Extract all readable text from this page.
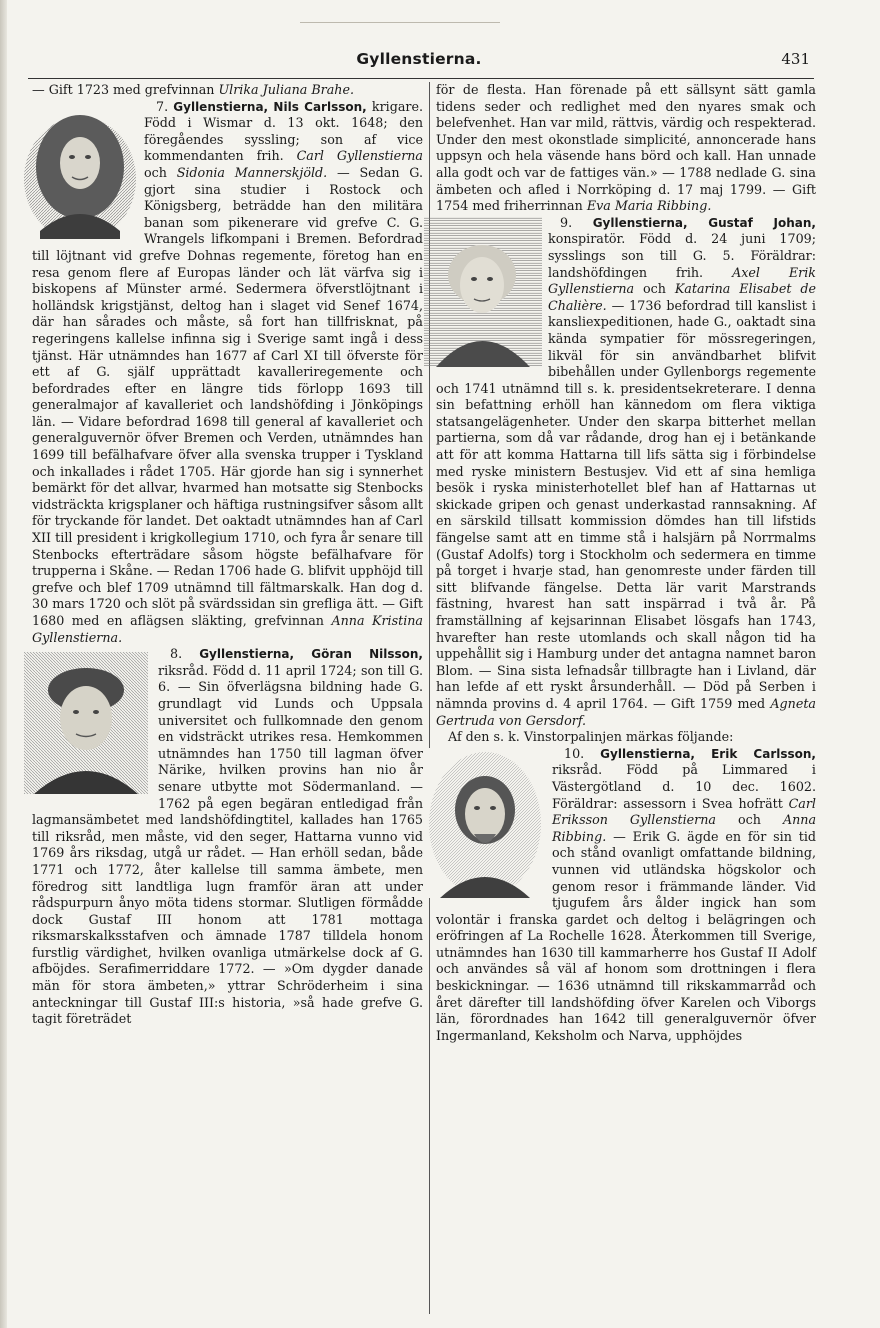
Gyllenstierna.	431

— Gift 1723 med grefvinnan Ulrika Juliana Brahe.

7. Gyllenstierna, Nils Carlsson,
krigare. Född i Wismar d. 13 okt. 1648; den föregåendes syssling; son af vice kommendanten frih. Carl Gyllenstierna och Sidonia Mannerskjöld. — Sedan G. gjort sina studier i Rostock och Königsberg, beträdde han den militära banan som pikenerare vid grefve C. G. Wrangels lifkompani i Bremen. Befordrad till löjtnant vid grefve Dohnas regemente, företog han en resa genom flere af Europas länder och lät värfva sig i biskopens af Münster armé. Sedermera öfverstlöjtnant i holländsk krigstjänst, deltog han i slaget vid Senef 1674, där han sårades och måste, så fort han tillfrisknat, på regeringens kallelse infinna sig i Sverige samt ingå i dess tjänst. Här utnämndes han 1677 af Carl XI till öfverste för ett af G. själf upprättadt kavalleriregemente och befordrades efter en längre tids förlopp 1693 till generalmajor af kavalleriet och landshöfding i Jönköpings län. — Vidare befordrad 1698 till general af kavalleriet och generalguvernör öfver Bremen och Verden, utnämndes han 1699 till befälhafvare öfver alla svenska trupper i Tyskland och inkallades i rådet 1705. Här gjorde han sig i synnerhet bemärkt för det allvar, hvarmed han motsatte sig Stenbocks vidsträckta krigsplaner och häftiga rustningsifver såsom allt för tryckande för landet. Det oaktadt utnämndes han af Carl XII till president i krigkollegium 1710, och fyra år senare till Stenbocks efterträdare såsom högste befälhafvare för trupperna i Skåne. — Redan 1706 hade G. blifvit upphöjd till grefve och blef 1709 utnämnd till fältmarskalk. Han dog d. 30 mars 1720 och slöt på svärdssidan sin grefliga ätt. — Gift 1680 med en aflägsen släkting, grefvinnan Anna Kristina Gyllenstierna.

8. Gyllenstierna, Göran Nilsson,
riksråd. Född d. 11 april 1724; son till G. 6. — Sin öfverlägsna bildning hade G. grundlagt vid Lunds och Uppsala universitet och fullkomnade den genom en vidsträckt utrikes resa. Hemkommen utnämndes han 1750 till lagman öfver Närike, hvilken provins han nio år senare utbytte mot Södermanland. — 1762 på egen begäran entledigad från lagmansämbetet med landshöfdingtitel, kallades han 1765 till riksråd, men måste, vid den seger, Hattarna vunno vid 1769 års riksdag, utgå ur rådet. — Han erhöll sedan, både 1771 och 1772, åter kallelse till samma ämbete, men föredrog sitt landtliga lugn framför äran att under rådspurpurn ånyo möta tidens stormar. Slutligen förmådde dock Gustaf III honom att 1781 mottaga riksmarskalksstafven och ämnade 1787 tilldela honom furstlig värdighet, hvilken ovanliga utmärkelse dock af G. afböjdes. Serafimerriddare 1772. — »Om dygder danade män för stora ämbeten,» yttrar Schröderheim i sina anteckningar till Gustaf III:s historia, »så hade grefve G. tagit företrädet

för de flesta. Han förenade på ett sällsynt sätt gamla tidens seder och redlighet med den nyares smak och belefvenhet. Han var mild, rättvis, värdig och respekterad. Under den mest okonstlade simplicité, annoncerade hans uppsyn och hela väsende hans börd och kall. Han unnade alla godt och var de fattiges vän.» — 1788 nedlade G. sina ämbeten och afled i Norrköping d. 17 maj 1799. — Gift 1754 med friherrinnan Eva Maria Ribbing.

9. Gyllenstierna, Gustaf Johan,
konspiratör. Född d. 24 juni 1709; sysslings son till G. 5. Föräldrar: landshöfdingen frih. Axel Erik Gyllenstierna och Katarina Elisabet de Chalière. — 1736 befordrad till kanslist i kansliexpeditionen, hade G., oaktadt sina kända sympatier för mössregeringen, likväl för sin användbarhet blifvit bibehållen under Gyllenborgs regemente och 1741 utnämnd till s. k. presidentsekreterare. I denna sin befattning erhöll han kännedom om flera viktiga statsangelägenheter. Under den skarpa bitterhet mellan partierna, som då var rådande, drog han ej i betänkande att för att komma Hattarna till lifs sätta sig i förbindelse med ryske ministern Bestusjev. Vid ett af sina hemliga besök i ryska ministerhotellet blef han af Hattarnas ut skickade gripen och genast underkastad rannsakning. Af en särskild tillsatt kommission dömdes han till lifstids fängelse samt att en timme stå i halsjärn på Norrmalms (Gustaf Adolfs) torg i Stockholm och sedermera en timme på torget i hvarje stad, han genomreste under färden till sitt blifvande fängelse. Detta lär varit Marstrands fästning, hvarest han satt inspärrad i två år. På framställning af kejsarinnan Elisabet lösgafs han 1743, hvarefter han reste utomlands och skall någon tid ha uppehållit sig i Hamburg under det antagna namnet baron Blom. — Sina sista lefnadsår tillbragte han i Livland, där han lefde af ett ryskt årsunderhåll. — Död på Serben i nämnda provins d. 4 april 1764. — Gift 1759 med Agneta Gertruda von Gersdorf.

Af den s. k. Vinstorpalinjen märkas följande:

10. Gyllenstierna, Erik Carlsson,
riksråd. Född på Limmared i Västergötland d. 10 dec. 1602. Föräldrar: assessorn i Svea hofrätt Carl Eriksson Gyllenstierna och Anna Ribbing. — Erik G. ägde en för sin tid och stånd ovanligt omfattande bildning, vunnen vid utländska högskolor och genom resor i främmande länder. Vid tjugufem års ålder ingick han som volontär i franska gardet och deltog i belägringen och eröfringen af La Rochelle 1628. Återkommen till Sverige, utnämndes han 1630 till kammarherre hos Gustaf II Adolf och användes så väl af honom som drottningen i flera beskickningar. — 1636 utnämnd till rikskammarråd och året därefter till landshöfding öfver Karelen och Viborgs län, förordnades han 1642 till generalguvernör öfver Ingermanland, Keksholm och Narva, upphöjdes
